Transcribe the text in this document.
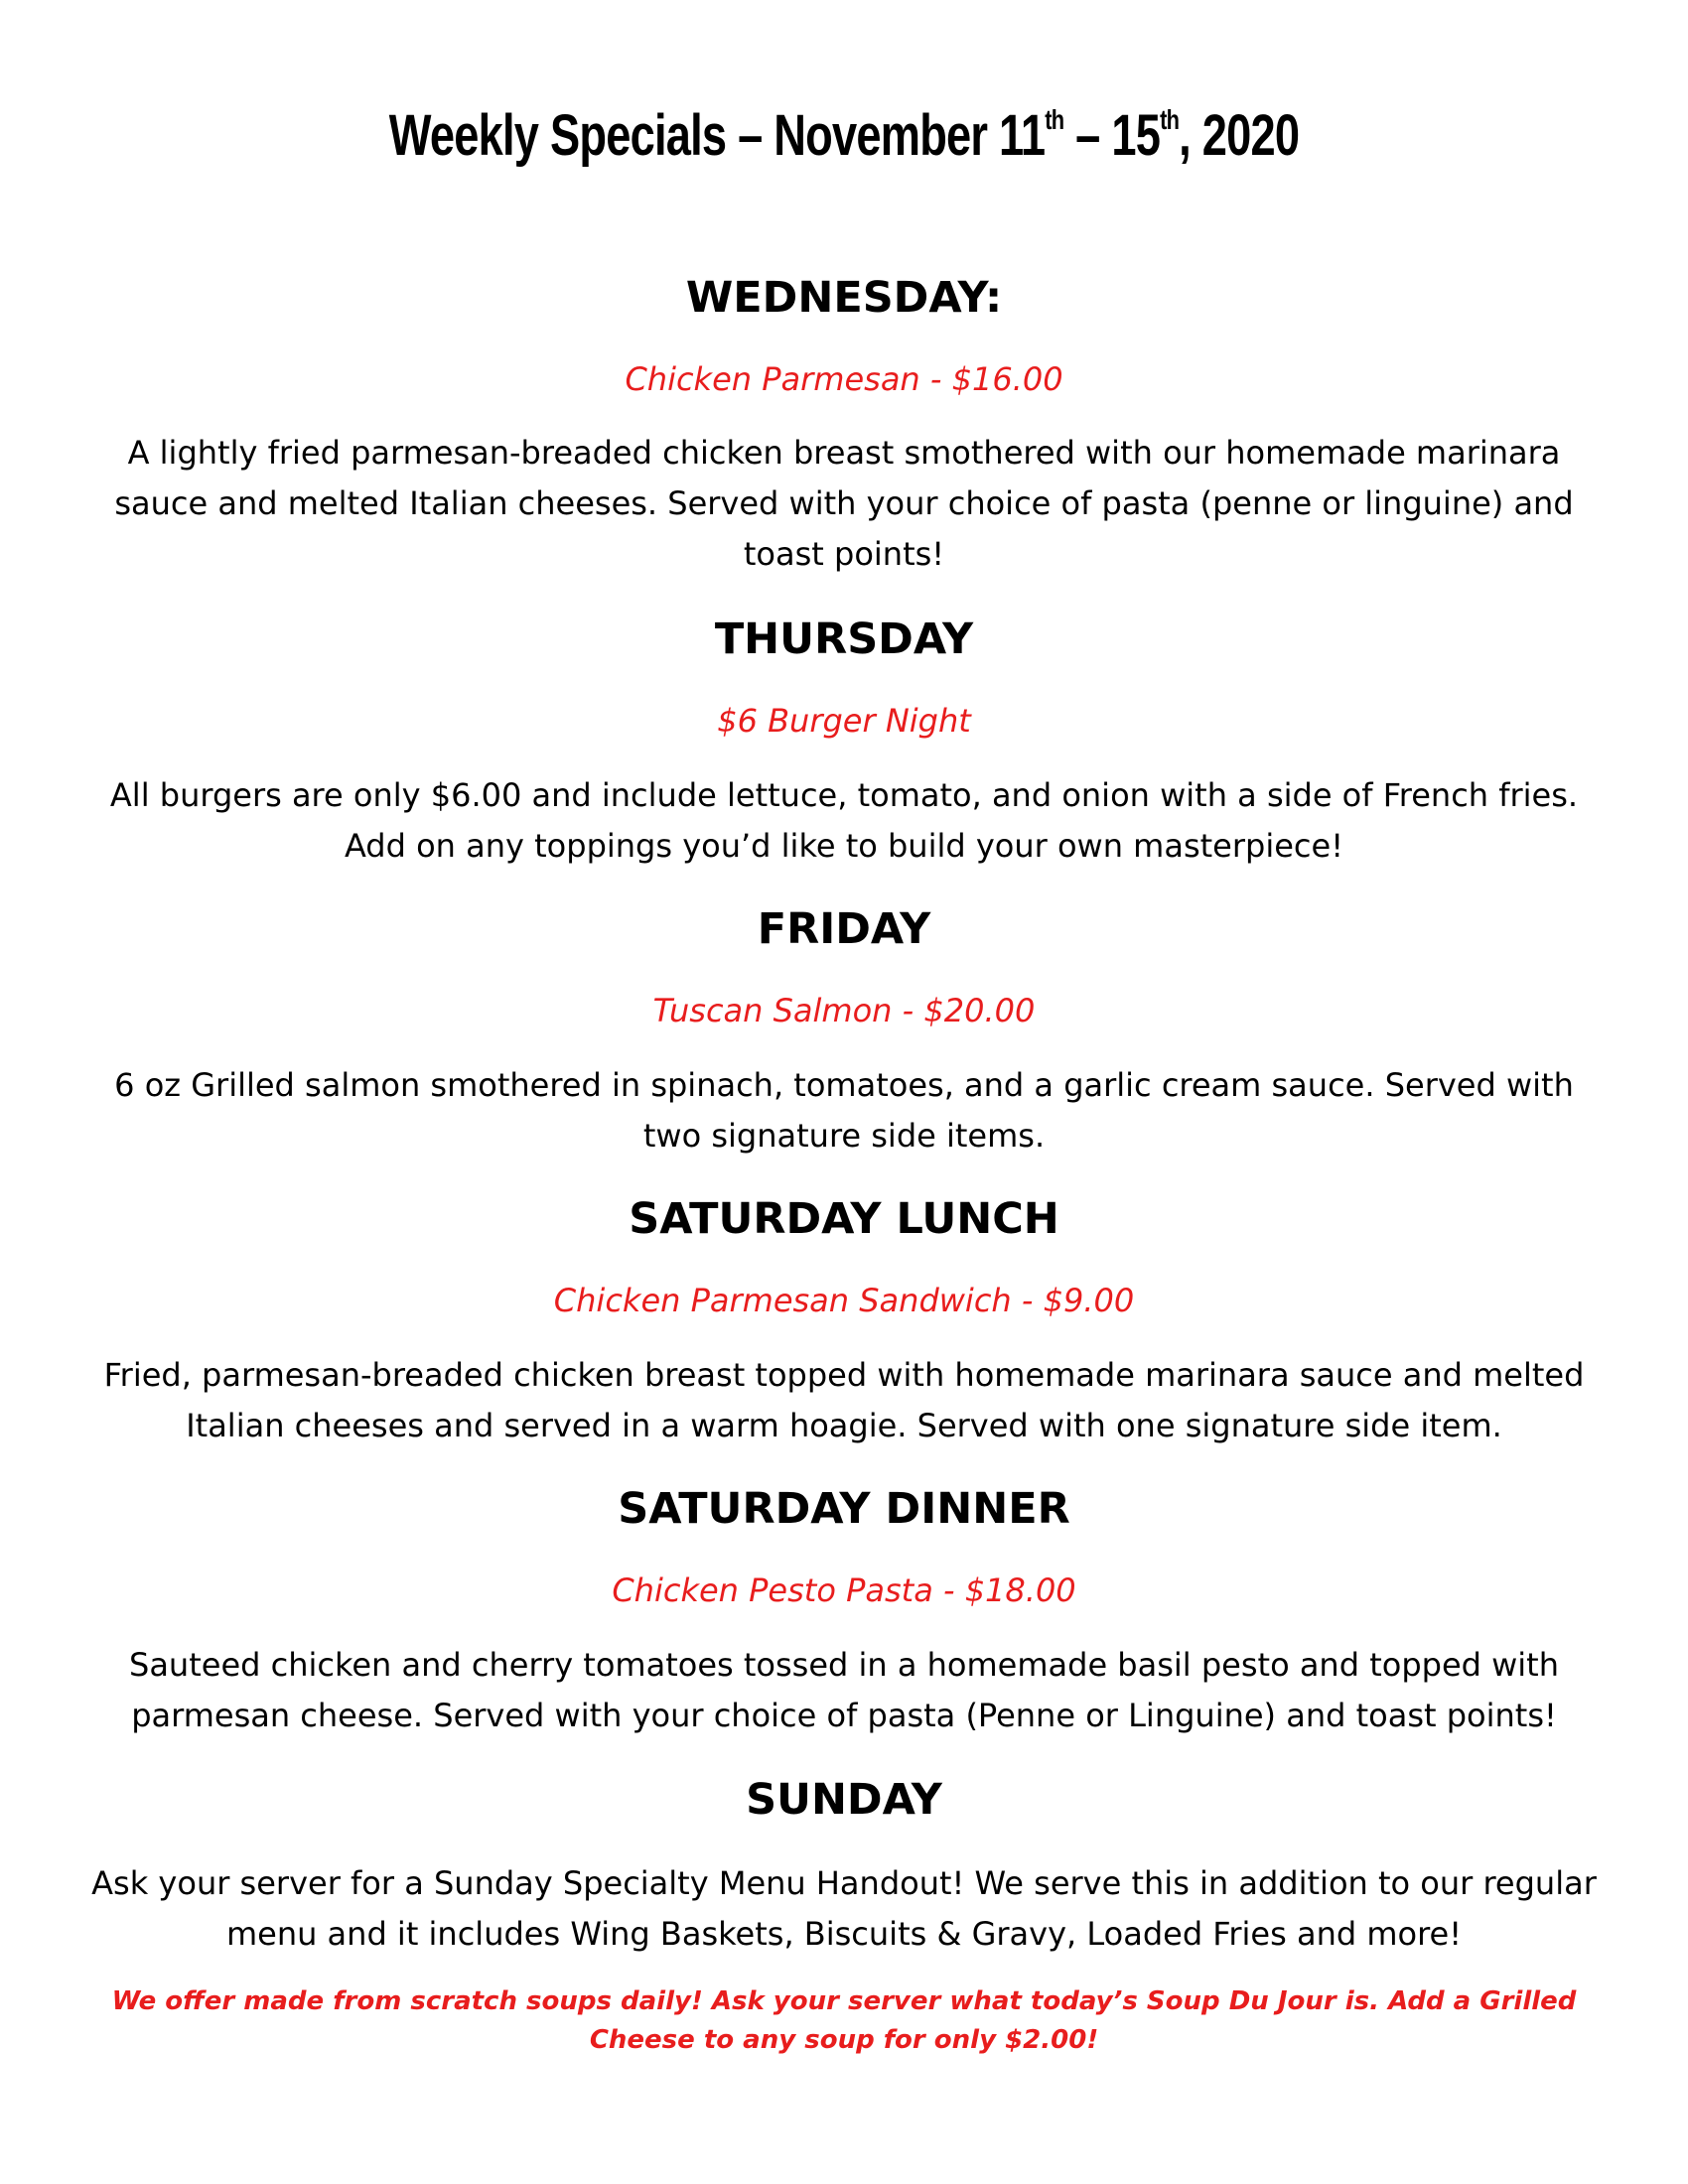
Weekly Specials – November 11th – 15th, 2020
WEDNESDAY:
Chicken Parmesan - $16.00
A lightly fried parmesan-breaded chicken breast smothered with our homemade marinara sauce and melted Italian cheeses. Served with your choice of pasta (penne or linguine) and toast points!
THURSDAY
$6 Burger Night
All burgers are only $6.00 and include lettuce, tomato, and onion with a side of French fries. Add on any toppings you’d like to build your own masterpiece!
FRIDAY
Tuscan Salmon - $20.00
6 oz Grilled salmon smothered in spinach, tomatoes, and a garlic cream sauce. Served with two signature side items.
SATURDAY LUNCH
Chicken Parmesan Sandwich - $9.00
Fried, parmesan-breaded chicken breast topped with homemade marinara sauce and melted Italian cheeses and served in a warm hoagie. Served with one signature side item.
SATURDAY DINNER
Chicken Pesto Pasta - $18.00
Sauteed chicken and cherry tomatoes tossed in a homemade basil pesto and topped with parmesan cheese. Served with your choice of pasta (Penne or Linguine) and toast points!
SUNDAY
Ask your server for a Sunday Specialty Menu Handout! We serve this in addition to our regular menu and it includes Wing Baskets, Biscuits & Gravy, Loaded Fries and more!
We offer made from scratch soups daily! Ask your server what today’s Soup Du Jour is. Add a Grilled Cheese to any soup for only $2.00!
